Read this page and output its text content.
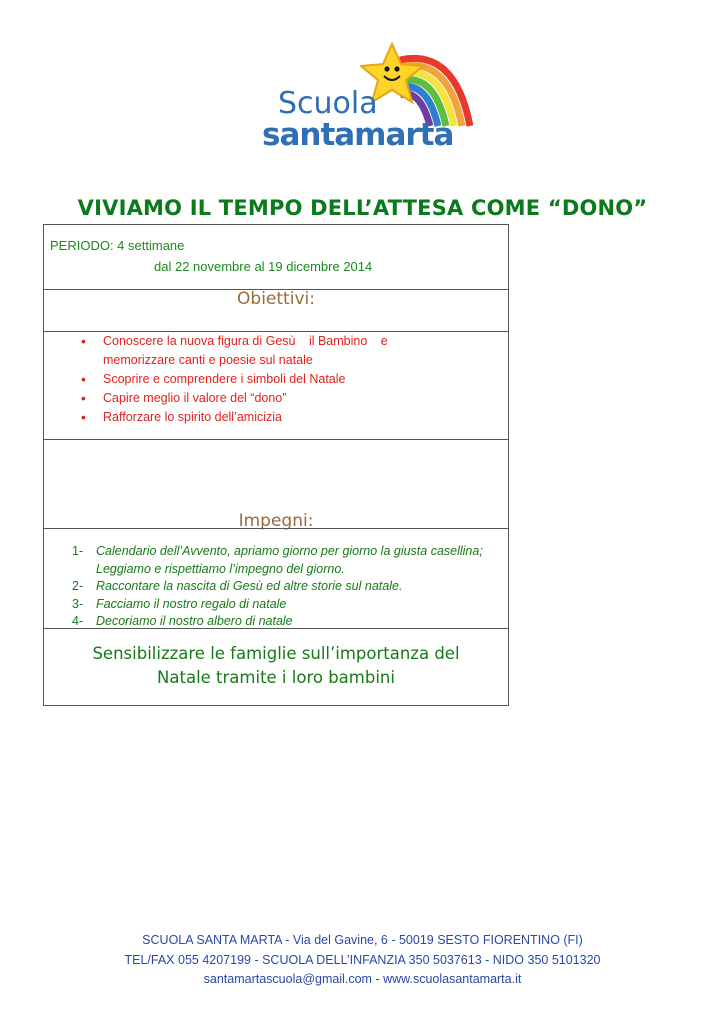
Scuola
santamarta
VIVIAMO IL TEMPO DELL’ATTESA COME “DONO”
PERIODO: 4 settimane
dal 22 novembre al 19 dicembre 2014
Obiettivi:
• Conoscere la nuova figura di Gesù il Bambino e memorizzare canti e poesie sul natale
• Scoprire e comprendere i simboli del Natale
• Capire meglio il valore del “dono”
• Rafforzare lo spirito dell’amicizia
Impegni:
1- Calendario dell’Avvento, apriamo giorno per giorno la giusta casellina; Leggiamo e rispettiamo l’impegno del giorno.
2- Raccontare la nascita di Gesù ed altre storie sul natale.
3- Facciamo il nostro regalo di natale
4- Decoriamo il nostro albero di natale
Sensibilizzare le famiglie sull’importanza del
Natale tramite i loro bambini
SCUOLA SANTA MARTA - Via del Gavine, 6 - 50019 SESTO FIORENTINO (FI)
TEL/FAX 055 4207199 - SCUOLA DELL’INFANZIA 350 5037613 - NIDO 350 5101320
santamartascuola@gmail.com - www.scuolasantamarta.it
